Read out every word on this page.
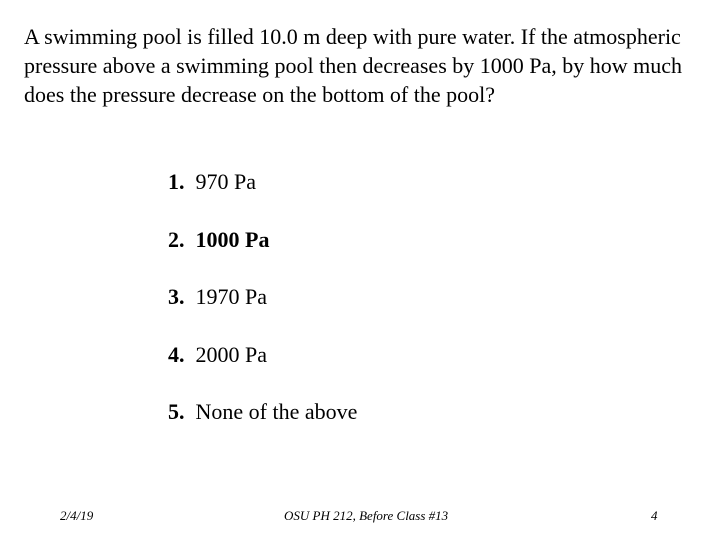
A swimming pool is filled 10.0 m deep with pure water. If the atmospheric pressure above a swimming pool then decreases by 1000 Pa, by how much does the pressure decrease on the bottom of the pool?

1. 970 Pa
2. 1000 Pa
3. 1970 Pa
4. 2000 Pa
5. None of the above
2/4/19	OSU PH 212, Before Class #13	4
